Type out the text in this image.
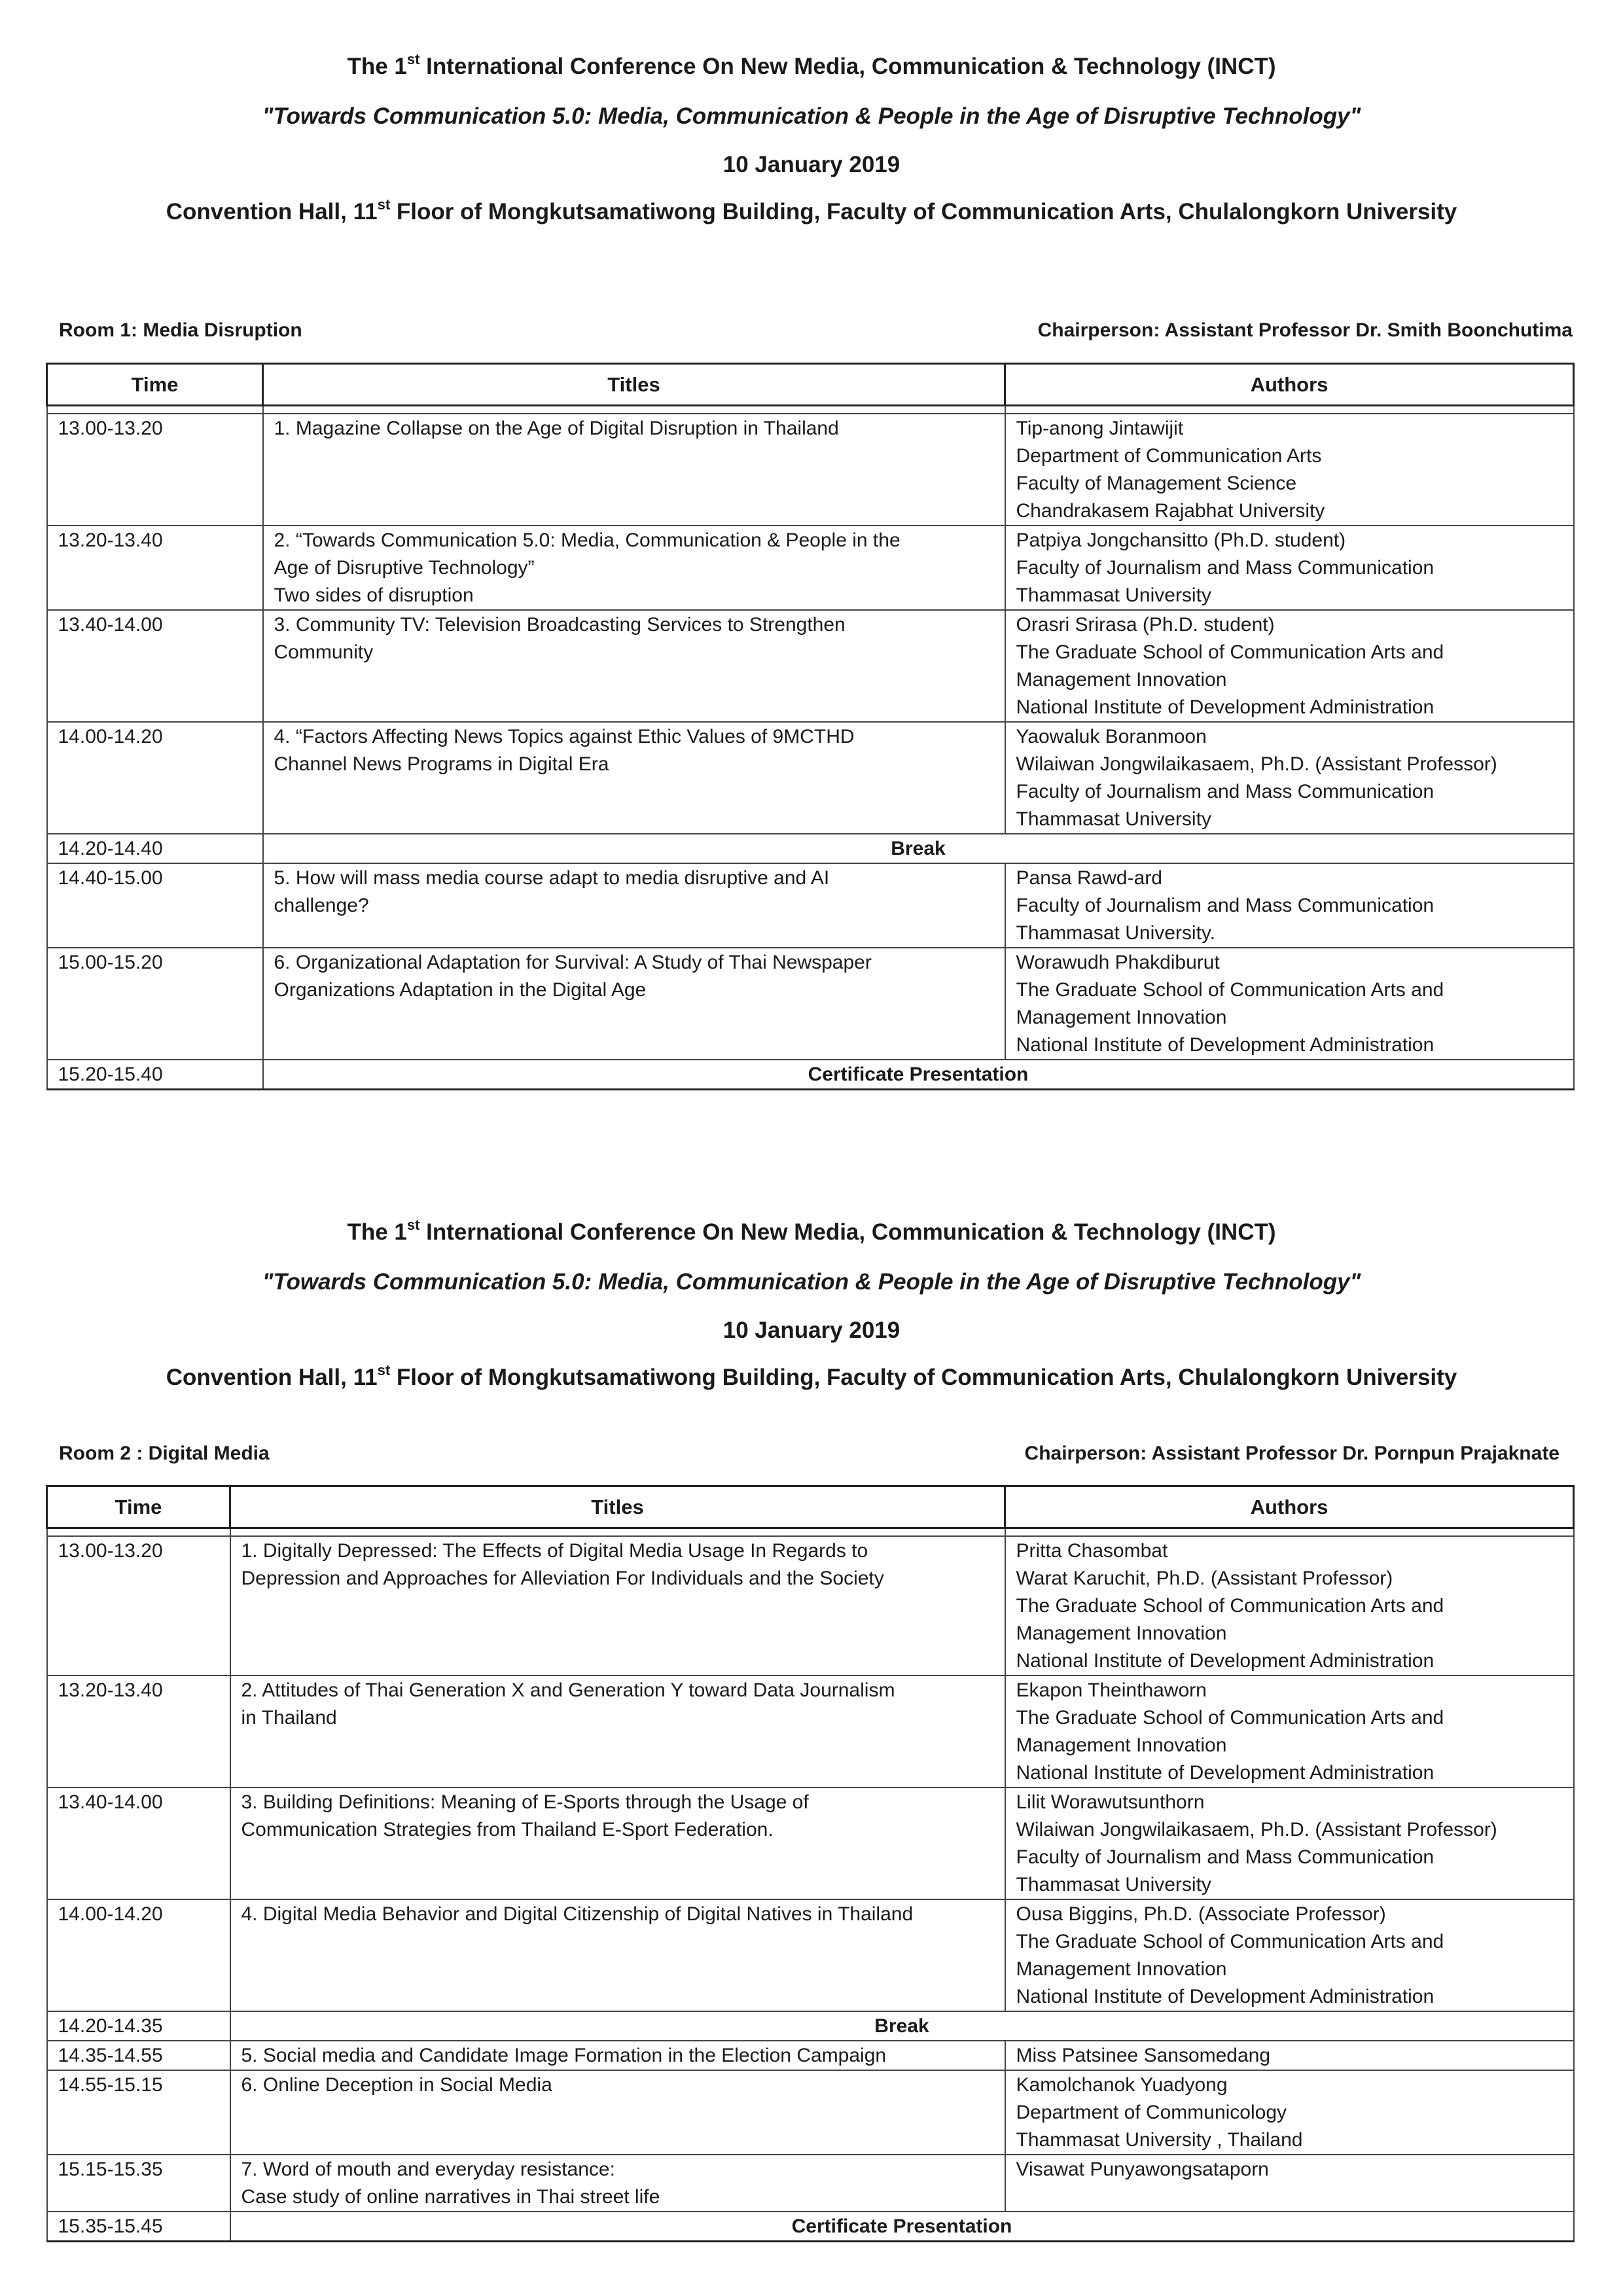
The 1st International Conference On New Media, Communication & Technology (INCT)
"Towards Communication 5.0: Media, Communication & People in the Age of Disruptive Technology"
10 January 2019
Convention Hall, 11st Floor of Mongkutsamatiwong Building, Faculty of Communication Arts, Chulalongkorn University
Room 1: Media Disruption	Chairperson: Assistant Professor Dr. Smith Boonchutima
Time	Titles	Authors

13.00-13.20	1. Magazine Collapse on the Age of Digital Disruption in Thailand	Tip-anong Jintawijit
Department of Communication Arts
Faculty of Management Science
Chandrakasem Rajabhat University

13.20-13.40	2. “Towards Communication 5.0: Media, Communication & People in the
Age of Disruptive Technology”
Two sides of disruption	Patpiya Jongchansitto (Ph.D. student)
Faculty of Journalism and Mass Communication
Thammasat University

13.40-14.00	3. Community TV: Television Broadcasting Services to Strengthen
Community	Orasri Srirasa (Ph.D. student)
The Graduate School of Communication Arts and
Management Innovation
National Institute of Development Administration

14.00-14.20	4. “Factors Affecting News Topics against Ethic Values of 9MCTHD
Channel News Programs in Digital Era	Yaowaluk Boranmoon
Wilaiwan Jongwilaikasaem, Ph.D. (Assistant Professor)
Faculty of Journalism and Mass Communication
Thammasat University

14.20-14.40	Break	
14.40-15.00	5. How will mass media course adapt to media disruptive and AI
challenge?	Pansa Rawd-ard
Faculty of Journalism and Mass Communication
Thammasat University.

15.00-15.20	6. Organizational Adaptation for Survival: A Study of Thai Newspaper
Organizations Adaptation in the Digital Age	Worawudh Phakdiburut
The Graduate School of Communication Arts and
Management Innovation
National Institute of Development Administration

15.20-15.40	Certificate Presentation	
The 1st International Conference On New Media, Communication & Technology (INCT)
"Towards Communication 5.0: Media, Communication & People in the Age of Disruptive Technology"
10 January 2019
Convention Hall, 11st Floor of Mongkutsamatiwong Building, Faculty of Communication Arts, Chulalongkorn University
Room 2 : Digital Media	Chairperson: Assistant Professor Dr. Pornpun Prajaknate
Time	Titles	Authors

13.00-13.20	1. Digitally Depressed: The Effects of Digital Media Usage In Regards to
Depression and Approaches for Alleviation For Individuals and the Society	Pritta Chasombat
Warat Karuchit, Ph.D. (Assistant Professor)
The Graduate School of Communication Arts and
Management Innovation
National Institute of Development Administration

13.20-13.40	2. Attitudes of Thai Generation X and Generation Y toward Data Journalism
in Thailand	Ekapon Theinthaworn
The Graduate School of Communication Arts and
Management Innovation
National Institute of Development Administration

13.40-14.00	3. Building Definitions: Meaning of E-Sports through the Usage of
Communication Strategies from Thailand E-Sport Federation.	Lilit Worawutsunthorn
Wilaiwan Jongwilaikasaem, Ph.D. (Assistant Professor)
Faculty of Journalism and Mass Communication
Thammasat University

14.00-14.20	4. Digital Media Behavior and Digital Citizenship of Digital Natives in Thailand	Ousa Biggins, Ph.D. (Associate Professor)
The Graduate School of Communication Arts and
Management Innovation
National Institute of Development Administration

14.20-14.35	Break	
14.35-14.55	5. Social media and Candidate Image Formation in the Election Campaign	Miss Patsinee Sansomedang

14.55-15.15	6. Online Deception in Social Media	Kamolchanok Yuadyong
Department of Communicology
Thammasat University , Thailand

15.15-15.35	7. Word of mouth and everyday resistance:
Case study of online narratives in Thai street life	Visawat Punyawongsataporn

15.35-15.45	Certificate Presentation	
